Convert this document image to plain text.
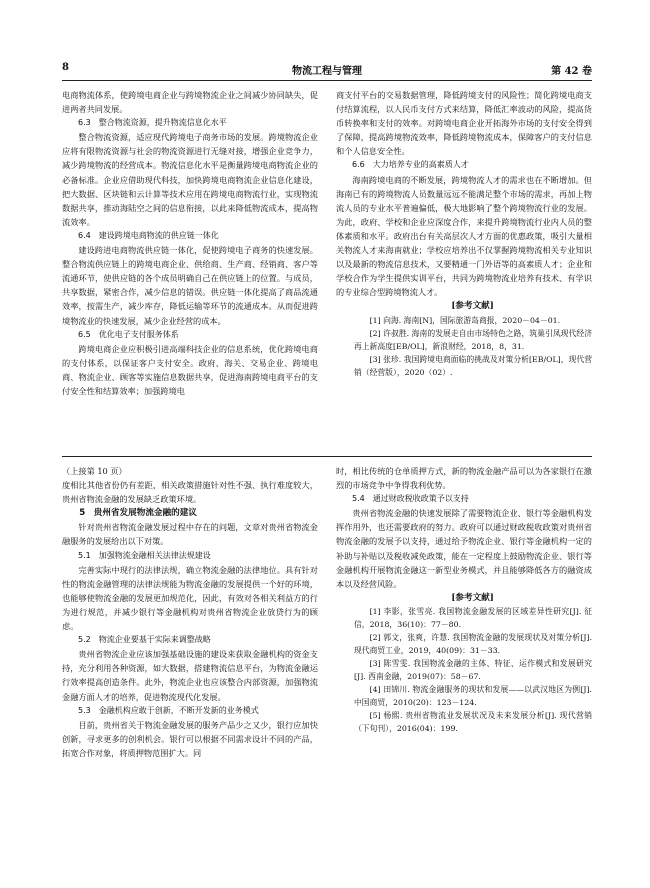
8	物流工程与管理	第 42 卷

电商物流体系，使跨境电商企业与跨境物流企业之间减少协同缺失，促进两者共同发展。

6.3　整合物流资源，提升物流信息化水平

整合物流资源，适应现代跨境电子商务市场的发展。跨境物流企业应将有限物流资源与社会的物流资源进行无缝对接，增强企业竞争力，减少跨境物流的经营成本。物流信息化水平是衡量跨境电商物流企业的必备标准。企业应借助现代科技，加快跨境电商物流企业信息化建设，把大数据、区块链和云计算等技术应用在跨境电商物流行业，实现物流数据共享，推动海陆空之间的信息衔接，以此来降低物流成本，提高物流效率。

6.4　建设跨境电商物流的供应链一体化

建设跨进电商物流供应链一体化，促使跨境电子商务的快速发展。整合物流供应链上的跨境电商企业、供给商、生产商、经销商、客户等流通环节，使供应链的各个成员明确自己在供应链上的位置。与成员，共享数据，紧密合作，减少信息的错误。供应链一体化提高了商品流通效率，按需生产，减少库存，降低运输等环节的流通成本。从而促进跨境物流业的快速发展，减少企业经营的成本。

6.5　优化电子支付服务体系

跨境电商企业应积极引进高端科技企业的信息系统，优化跨境电商的支付体系，以保证客户支付安全。政府、海关、交易企业、跨境电商、物流企业、顾客等实施信息数据共享，促进海南跨境电商平台的支付安全性和结算效率；加强跨境电

商支付平台的交易数据管理，降低跨境支付的风险性；简化跨境电商支付结算流程，以人民币支付方式来结算，降低汇率波动的风险，提高货币转换率和支付的效率。对跨境电商企业开拓海外市场的支付安全得到了保障，提高跨境物流效率，降低跨境物流成本，保障客户的支付信息和个人信息安全性。

6.6　大力培养专业的高素质人才

海南跨境电商的不断发展，跨境物流人才的需求也在不断增加。但海南已有的跨境物流人员数量远远不能满足整个市场的需求，再加上物流人员的专业水平普遍偏低，极大地影响了整个跨境物流行业的发展。为此，政府、学校和企业应深度合作，来提升跨境物流行业内人员的整体素质和水平。政府出台有关高层次人才方面的优惠政策，吸引大量相关物流人才来海南就业；学校应培养出不仅掌握跨境物流相关专业知识以及最新的物流信息技术，又要精通一门外语等的高素质人才；企业和学校合作为学生提供实训平台，共同为跨境物流业培养有技术、有学识的专业综合型跨境物流人才。

[参考文献]

[1] 向海. 海南[N]，国际旅游岛商报，2020－04－01.

[2] 许叔胜. 海南的发展走自由市场特色之路，筑巢引凤现代经济再上新高度[EB/OL]，新浪财经，2018，8，31.

[3] 张珍. 我国跨境电商面临的挑战及对策分析[EB/OL]，现代营销（经营版），2020（02）.

（上接第 10 页）

度相比其他省份仍有差距，相关政策措施针对性不强、执行难度较大，贵州省物流金融的发展缺乏政策环境。

5　贵州省发展物流金融的建议

针对贵州省物流金融发展过程中存在的问题，文章对贵州省物流金融服务的发展给出以下对策。

5.1　加强物流金融相关法律法规建设

完善实际中现行的法律法规，确立物流金融的法律地位。具有针对性的物流金融管理的法律法规能为物流金融的发展提供一个好的环境，也能够使物流金融的发展更加规范化，因此，有效对各相关利益方的行为进行规范，并减少银行等金融机构对贵州省物流企业放贷行为的顾虑。

5.2　物流企业要基于实际来调整战略

贵州省物流企业应该加强基础设施的建设来获取金融机构的资金支持，充分利用各种资源，如大数据，搭建物流信息平台，为物流金融运行效率提高创造条件。此外，物流企业也应该整合内部资源，加强物流金融方面人才的培养，促进物流现代化发展。

5.3　金融机构应敢于创新，不断开发新的业务模式

目前，贵州省关于物流金融发展的服务产品少之又少，银行应加快创新，寻求更多的创利机会。银行可以根据不同需求设计不同的产品，拓宽合作对象，将质押物范围扩大。同

时，相比传统的仓单质押方式，新的物流金融产品可以为各家银行在激烈的市场竞争中争得我利优势。

5.4　通过财政税收政策予以支持

贵州省物流金融的快速发展除了需要物流企业、银行等金融机构发挥作用外，也还需要政府的努力。政府可以通过财政税收政策对贵州省物流金融的发展予以支持，通过给予物流企业、银行等金融机构一定的补助与补贴以及税收减免政策，能在一定程度上鼓励物流企业、银行等金融机构开展物流金融这一新型业务模式，并且能够降低各方的融资成本以及经营风险。

[参考文献]

[1] 李影，张雪亮. 我国物流金融发展的区域差异性研究[J]. 征信，2018，36(10)：77－80.

[2] 郭文，张爽，许慧. 我国物流金融的发展现状及对策分析[J]. 现代商贸工业，2019，40(09)：31－33.

[3] 陈雪雯. 我国物流金融的主体、特征、运作模式和发展研究[J]. 西南金融，2019(07)：58－67.

[4] 田锦川. 物流金融服务的现状和发展——以武汉地区为例[J]. 中国商贸，2010(20)：123－124.

[5] 杨熙. 贵州省物流业发展状况及未来发展分析[J]. 现代营销（下旬刊），2016(04)：199.
